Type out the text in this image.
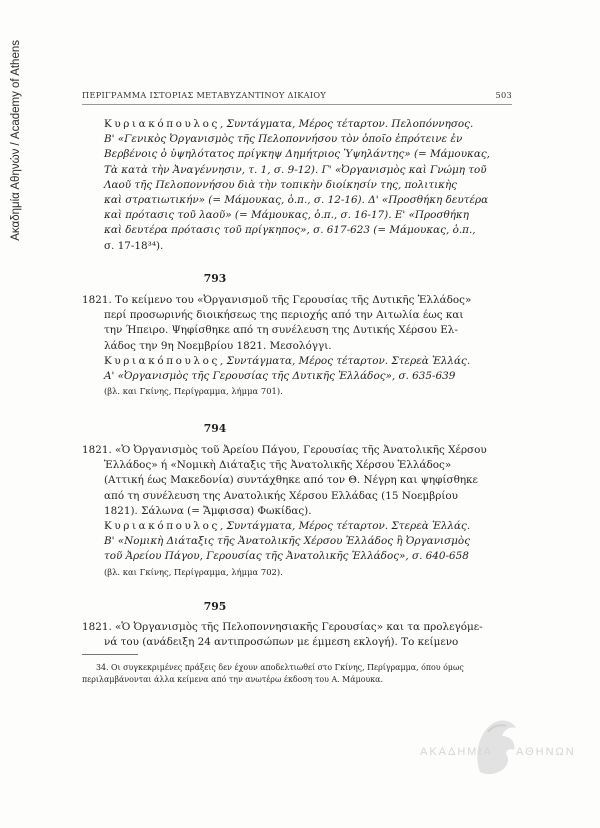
Ακαδημία Αθηνών / Academy of Athens	ΠΕΡΙΓΡΑΜΜΑ ΙΣΤΟΡΙΑΣ ΜΕΤΑΒΥΖΑΝΤΙΝΟΥ ΔΙΚΑΙΟΥ	503
Κυριακόπουλος, Συντάγματα, Μέρος τέταρτον. Πελοπόννησος.
Β' «Γενικὸς Ὀργανισμὸς τῆς Πελοποννήσου τὸν ὁποῖο ἐπρότεινε ἐν
Βερβένοις ὁ ὑψηλότατος πρίγκηψ Δημήτριος Ὑψηλάντης» (= Μάμουκας,
Τὰ κατὰ τὴν Ἀναγέννησιν, τ. 1, σ. 9-12). Γ' «Ὀργανισμὸς καὶ Γνώμη τοῦ
Λαοῦ τῆς Πελοποννήσου διὰ τὴν τοπικὴν διοίκησίν της, πολιτικὴς
καὶ στρατιωτικήν» (= Μάμουκας, ὁ.π., σ. 12-16). Δ' «Προσθήκη δευτέρα
καὶ πρότασις τοῦ λαοῦ» (= Μάμουκας, ὁ.π., σ. 16-17). Ε' «Προσθήκη
καὶ δευτέρα πρότασις τοῦ πρίγκηπος», σ. 617-623 (= Μάμουκας, ὁ.π.,
σ. 17-18³⁴).
793
1821. Το κείμενο του «Ὀργανισμοῦ τῆς Γερουσίας τῆς Δυτικῆς Ἑλλάδος»
περί προσωρινής διοικήσεως της περιοχής από την Αιτωλία έως και
την Ήπειρο. Ψηφίσθηκε από τη συνέλευση της Δυτικής Χέρσου Ελ-
λάδος την 9η Νοεμβρίου 1821. Μεσολόγγι.
Κυριακόπουλος, Συντάγματα, Μέρος τέταρτον. Στερεὰ Ἑλλάς.
Α' «Ὀργανισμὸς τῆς Γερουσίας τῆς Δυτικῆς Ἑλλάδος», σ. 635-639
(βλ. και Γκίνης, Περίγραμμα, λήμμα 701).
794
1821. «Ὁ Ὀργανισμὸς τοῦ Ἀρείου Πάγου, Γερουσίας τῆς Ἀνατολικῆς Χέρσου
Ἑλλάδος» ή «Νομικὴ Διάταξις τῆς Ἀνατολικῆς Χέρσου Ἑλλάδος»
(Αττική έως Μακεδονία) συντάχθηκε από τον Θ. Νέγρη και ψηφίσθηκε
από τη συνέλευση της Ανατολικής Χέρσου Ελλάδας (15 Νοεμβρίου
1821). Σάλωνα (= Ἄμφισσα) Φωκίδας).
Κυριακόπουλος, Συντάγματα, Μέρος τέταρτον. Στερεὰ Ἑλλάς.
Β' «Νομικὴ Διάταξις τῆς Ἀνατολικῆς Χέρσου Ἑλλάδος ἢ Ὀργανισμὸς
τοῦ Ἀρείου Πάγου, Γερουσίας τῆς Ἀνατολικῆς Ἑλλάδος», σ. 640-658
(βλ. και Γκίνης, Περίγραμμα, λήμμα 702).
795
1821. «Ὁ Ὀργανισμὸς τῆς Πελοποννησιακῆς Γερουσίας» και τα προλεγόμε-
νά του (ανάδειξη 24 αντιπροσώπων με έμμεση εκλογή). Το κείμενο
34. Οι συγκεκριμένες πράξεις δεν έχουν αποδελτιωθεί στο Γκίνης, Περίγραμμα, όπου όμως
περιλαμβάνονται άλλα κείμενα από την ανωτέρω έκδοση του Α. Μάμουκα.
ΑΚΑΔΗΜΙΑ ΑΘΗΝΩΝ
